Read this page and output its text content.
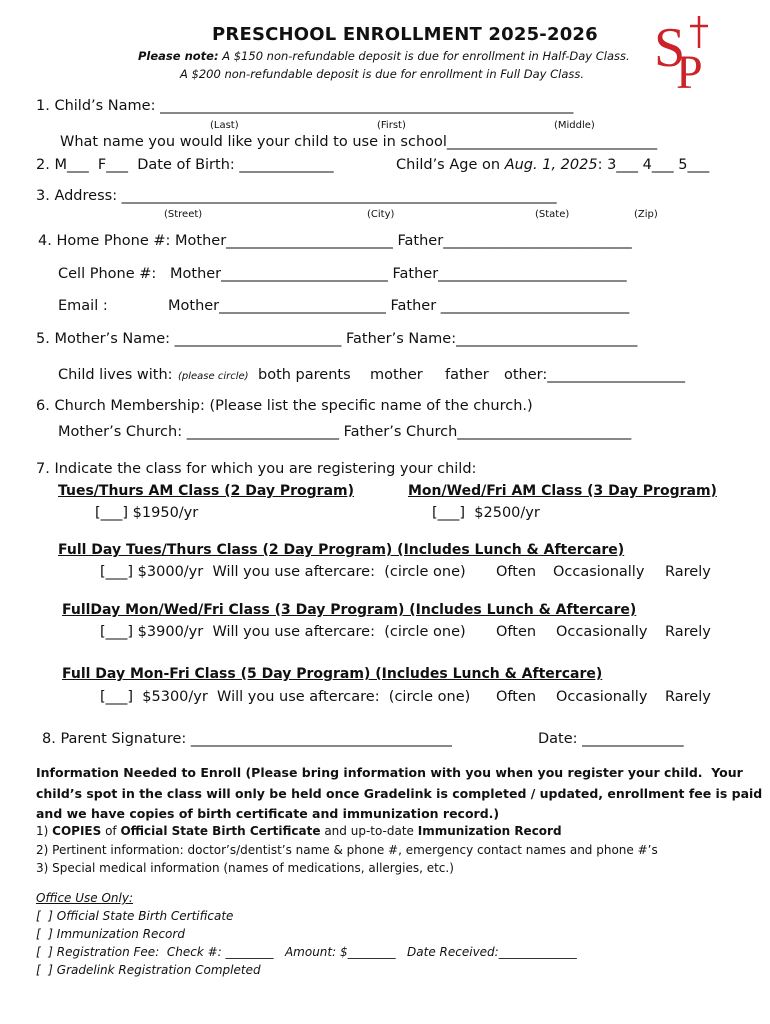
PRESCHOOL ENROLLMENT 2025-2026
Please note: A $150 non-refundable deposit is due for enrollment in Half-Day Class.
A $200 non-refundable deposit is due for enrollment in Full Day Class. S
P
SP
1. Child’s Name: _________________________________________________________
(Last)	(First)	(Middle)
What name you would like your child to use in school_____________________________
2. M___  F___  Date of Birth: _____________	Child’s Age on Aug. 1, 2025: 3___ 4___ 5___
3. Address: ____________________________________________________________
(Street)	(City)	(State)	(Zip)
4. Home Phone #: Mother_______________________ Father__________________________
Cell Phone #: Mother_______________________ Father__________________________
Email :	Mother_______________________ Father __________________________
5. Mother’s Name: _______________________ Father’s Name:_________________________
Child lives with: (please circle) both parents mother father other:___________________
6. Church Membership: (Please list the specific name of the church.)
Mother’s Church: _____________________ Father’s Church________________________
7. Indicate the class for which you are registering your child:
Tues/Thurs AM Class (2 Day Program)	Mon/Wed/Fri AM Class (3 Day Program)
[___] $1950/yr	[___]  $2500/yr
Full Day Tues/Thurs Class (2 Day Program) (Includes Lunch & Aftercare)
[___] $3000/yr  Will you use aftercare:  (circle one) Often Occasionally Rarely
FullDay Mon/Wed/Fri Class (3 Day Program) (Includes Lunch & Aftercare)
[___] $3900/yr  Will you use aftercare:  (circle one) Often Occasionally Rarely
Full Day Mon-Fri Class (5 Day Program) (Includes Lunch & Aftercare)
[___]  $5300/yr  Will you use aftercare:  (circle one) Often Occasionally Rarely
8. Parent Signature: ____________________________________	Date: ______________
Information Needed to Enroll (Please bring information with you when you register your child.  Your
child’s spot in the class will only be held once Gradelink is completed / updated, enrollment fee is paid
and we have copies of birth certificate and immunization record.)
1) COPIES of Official State Birth Certificate and up-to-date Immunization Record
2) Pertinent information: doctor’s/dentist’s name & phone #, emergency contact names and phone #’s
3) Special medical information (names of medications, allergies, etc.)
Office Use Only:
[  ] Official State Birth Certificate
[  ] Immunization Record
[  ] Registration Fee:  Check #: ________   Amount: $________   Date Received:_____________
[  ] Gradelink Registration Completed
